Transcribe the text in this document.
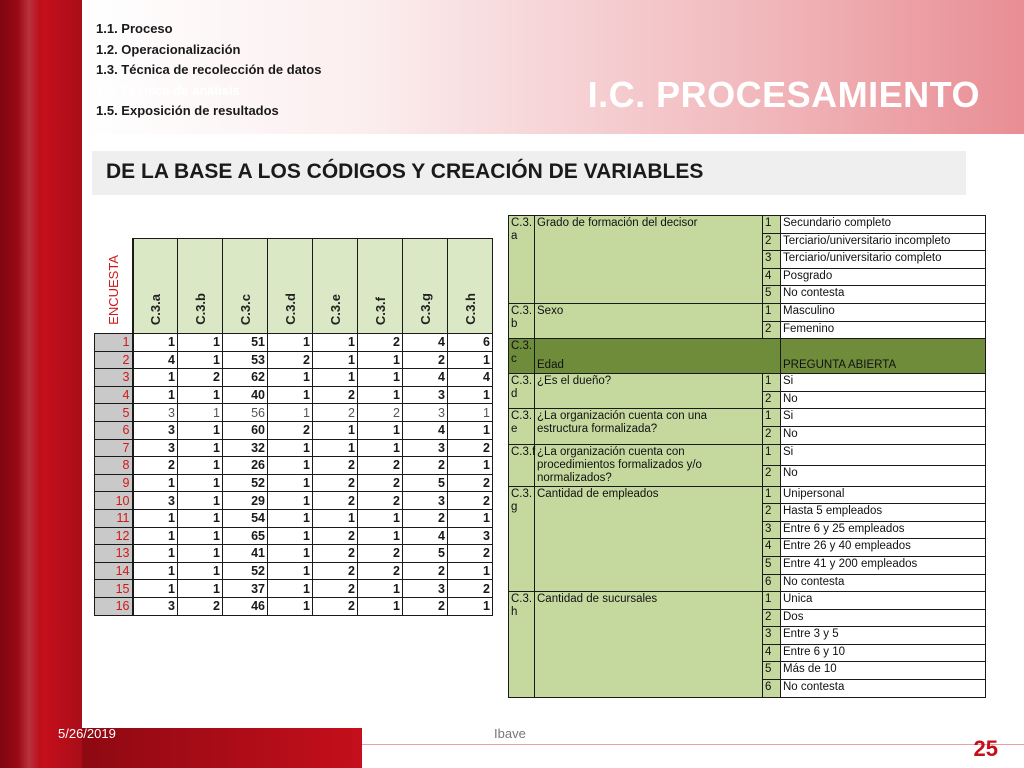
1.1. Proceso
1.2. Operacionalización
1.3. Técnica de recolección de datos
1.4. Técnica de análisis
1.5. Exposición de resultados	I.C. PROCESAMIENTO
DE LA BASE A LOS CÓDIGOS Y CREACIÓN DE VARIABLES
ENCUESTA	C.3.a	C.3.b	C.3.c	C.3.d	C.3.e	C.3.f	C.3.g	C.3.h
1	1	1	51	1	1	2	4	6
2	4	1	53	2	1	1	2	1
3	1	2	62	1	1	1	4	4
4	1	1	40	1	2	1	3	1
5	3	1	56	1	2	2	3	1
6	3	1	60	2	1	1	4	1
7	3	1	32	1	1	1	3	2
8	2	1	26	1	2	2	2	1
9	1	1	52	1	2	2	5	2
10	3	1	29	1	2	2	3	2
11	1	1	54	1	1	1	2	1
12	1	1	65	1	2	1	4	3
13	1	1	41	1	2	2	5	2
14	1	1	52	1	2	2	2	1
15	1	1	37	1	2	1	3	2
16	3	2	46	1	2	1	2	1
C.3. a	Grado de formación del decisor	1	Secundario completo
		2	Terciario/universitario incompleto
		3	Terciario/universitario completo
		4	Posgrado
		5	No contesta
C.3. b	Sexo	1	Masculino
		2	Femenino
C.3. c	Edad		PREGUNTA ABIERTA
C.3. d	¿Es el dueño?	1	Si
		2	No
C.3. e	¿La organización cuenta con una estructura formalizada?	1	Si
		2	No
C.3.f	¿La organización cuenta con procedimientos formalizados y/o normalizados?	1	Si
		2	No
C.3. g	Cantidad de empleados	1	Unipersonal
		2	Hasta 5 empleados
		3	Entre 6 y 25 empleados
		4	Entre 26 y 40 empleados
		5	Entre 41 y 200 empleados
		6	No contesta
C.3. h	Cantidad de sucursales	1	Unica
		2	Dos
		3	Entre 3 y 5
		4	Entre 6 y 10
		5	Más de 10
		6	No contesta
5/26/2019	Ibave
25
